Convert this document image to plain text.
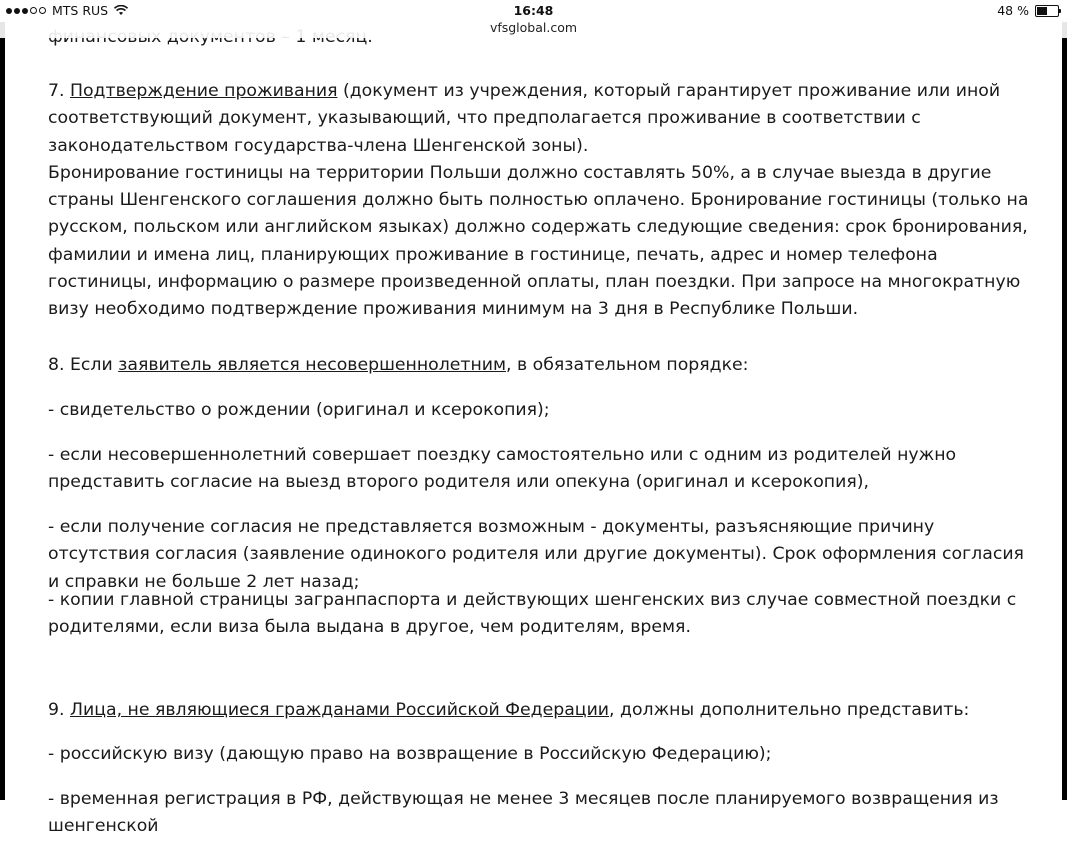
7. Подтверждение проживания (документ из учреждения, который гарантирует проживание или иной соответствующий документ, указывающий, что предполагается проживание в соответствии с законодательством государства-члена Шенгенской зоны).
Бронирование гостиницы на территории Польши должно составлять 50%, а в случае выезда в другие страны Шенгенского соглашения должно быть полностью оплачено. Бронирование гостиницы (только на русском, польском или английском языках) должно содержать следующие сведения: срок бронирования, фамилии и имена лиц, планирующих проживание в гостинице, печать, адрес и номер телефона гостиницы, информацию о размере произведенной оплаты, план поездки. При запросе на многократную визу необходимо подтверждение проживания минимум на 3 дня в Республике Польши.

8. Если заявитель является несовершеннолетним, в обязательном порядке:

- свидетельство о рождении (оригинал и ксерокопия);

- если несовершеннолетний совершает поездку самостоятельно или с одним из родителей нужно представить согласие на выезд второго родителя или опекуна (оригинал и ксерокопия),

- если получение согласия не представляется возможным - документы, разъясняющие причину отсутствия согласия (заявление одинокого родителя или другие документы). Срок оформления согласия и справки не больше 2 лет назад;

- копии главной страницы загранпаспорта и действующих шенгенских виз случае совместной поездки с родителями, если виза была выдана в другое, чем родителям, время.

9. Лица, не являющиеся гражданами Российской Федерации, должны дополнительно представить:

- российскую визу (дающую право на возвращение в Российскую Федерацию);

- временная регистрация в РФ, действующая не менее 3 месяцев после планируемого возвращения из шенгенской

MTS RUS	16:48	48 %
vfsglobal.com
